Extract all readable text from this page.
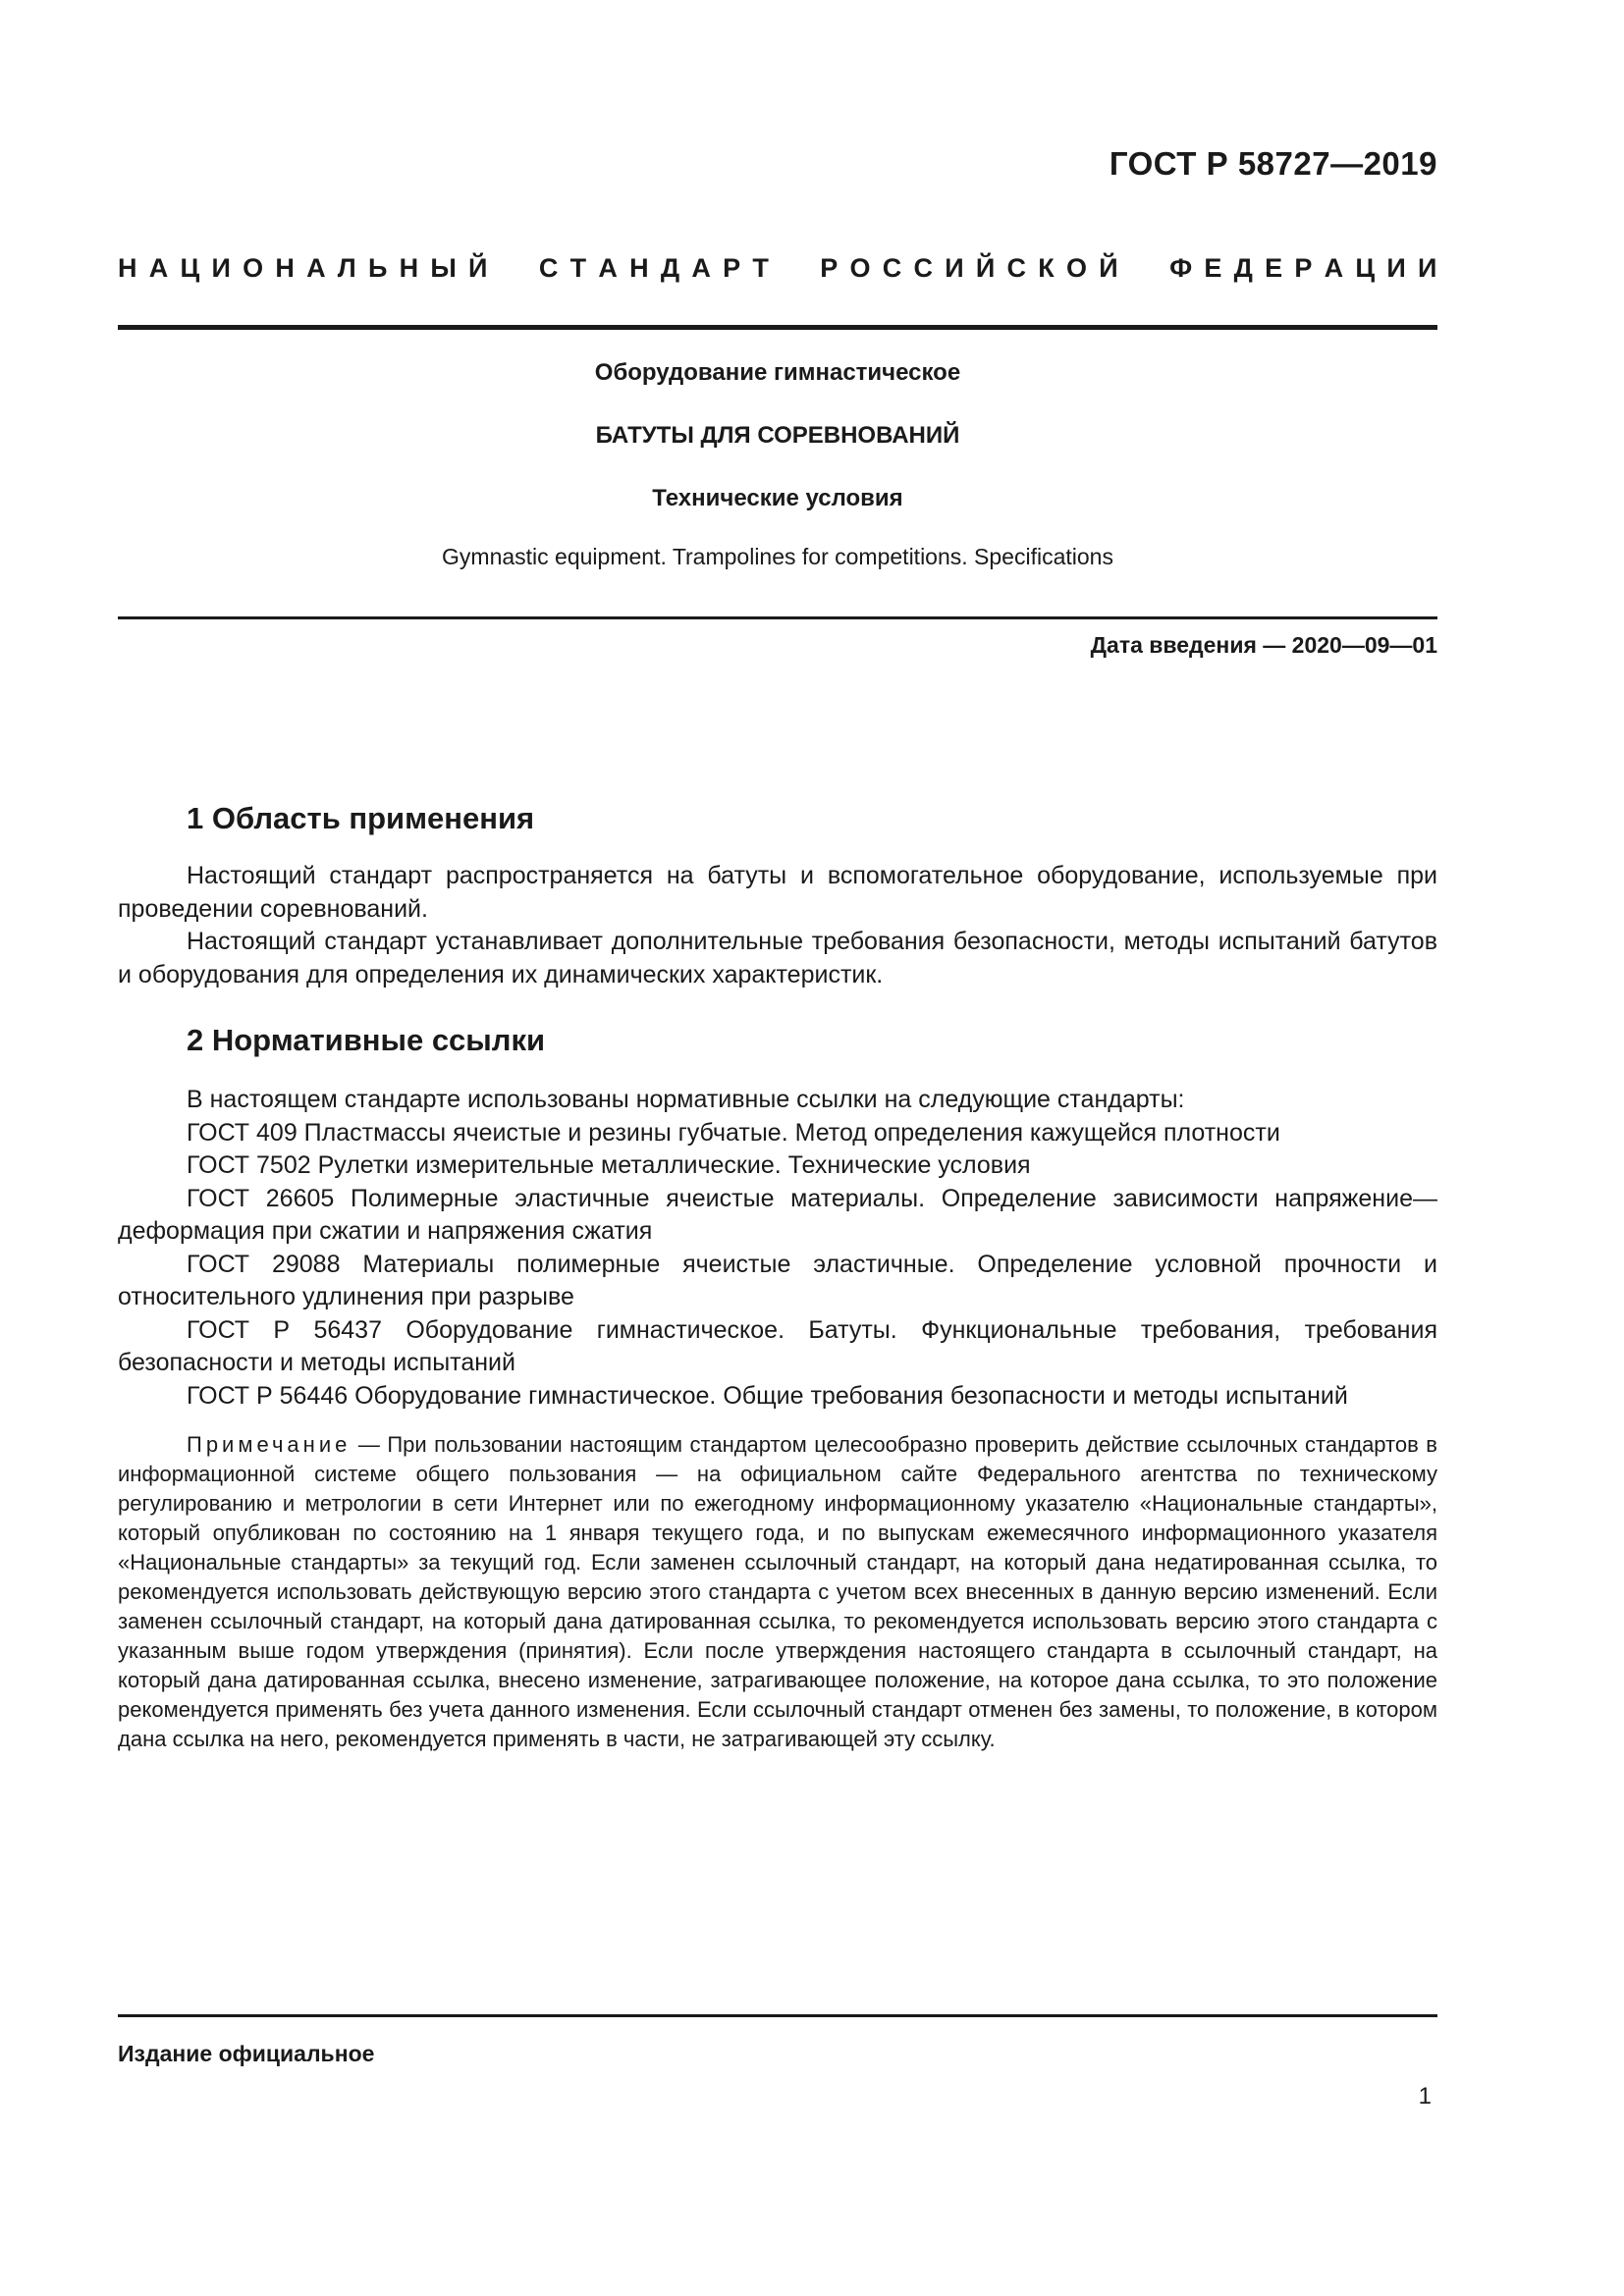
ГОСТ Р 58727—2019
Н А Ц И О Н А Л Ь Н Ы Й С Т А Н Д А Р Т Р О С С И Й С К О Й Ф Е Д Е Р А Ц И И

Оборудование гимнастическое

БАТУТЫ ДЛЯ СОРЕВНОВАНИЙ

Технические условия

Gymnastic equipment. Trampolines for competitions. Specifications

Дата введения — 2020—09—01
1 Область применения

Настоящий стандарт распространяется на батуты и вспомогательное оборудование, используемые при проведении соревнований.

Настоящий стандарт устанавливает дополнительные требования безопасности, методы испытаний батутов и оборудования для определения их динамических характеристик.

2 Нормативные ссылки

В настоящем стандарте использованы нормативные ссылки на следующие стандарты:

ГОСТ 409 Пластмассы ячеистые и резины губчатые. Метод определения кажущейся плотности

ГОСТ 7502 Рулетки измерительные металлические. Технические условия

ГОСТ 26605 Полимерные эластичные ячеистые материалы. Определение зависимости напряжение—деформация при сжатии и напряжения сжатия

ГОСТ 29088 Материалы полимерные ячеистые эластичные. Определение условной прочности и относительного удлинения при разрыве

ГОСТ Р 56437 Оборудование гимнастическое. Батуты. Функциональные требования, требования безопасности и методы испытаний

ГОСТ Р 56446 Оборудование гимнастическое. Общие требования безопасности и методы испытаний

Примечание — При пользовании настоящим стандартом целесообразно проверить действие ссылочных стандартов в информационной системе общего пользования — на официальном сайте Федерального агентства по техническому регулированию и метрологии в сети Интернет или по ежегодному информационному указателю «Национальные стандарты», который опубликован по состоянию на 1 января текущего года, и по выпускам ежемесячного информационного указателя «Национальные стандарты» за текущий год. Если заменен ссылочный стандарт, на который дана недатированная ссылка, то рекомендуется использовать действующую версию этого стандарта с учетом всех внесенных в данную версию изменений. Если заменен ссылочный стандарт, на который дана датированная ссылка, то рекомендуется использовать версию этого стандарта с указанным выше годом утверждения (принятия). Если после утверждения настоящего стандарта в ссылочный стандарт, на который дана датированная ссылка, внесено изменение, затрагивающее положение, на которое дана ссылка, то это положение рекомендуется применять без учета данного изменения. Если ссылочный стандарт отменен без замены, то положение, в котором дана ссылка на него, рекомендуется применять в части, не затрагивающей эту ссылку.

Издание официальное
1
